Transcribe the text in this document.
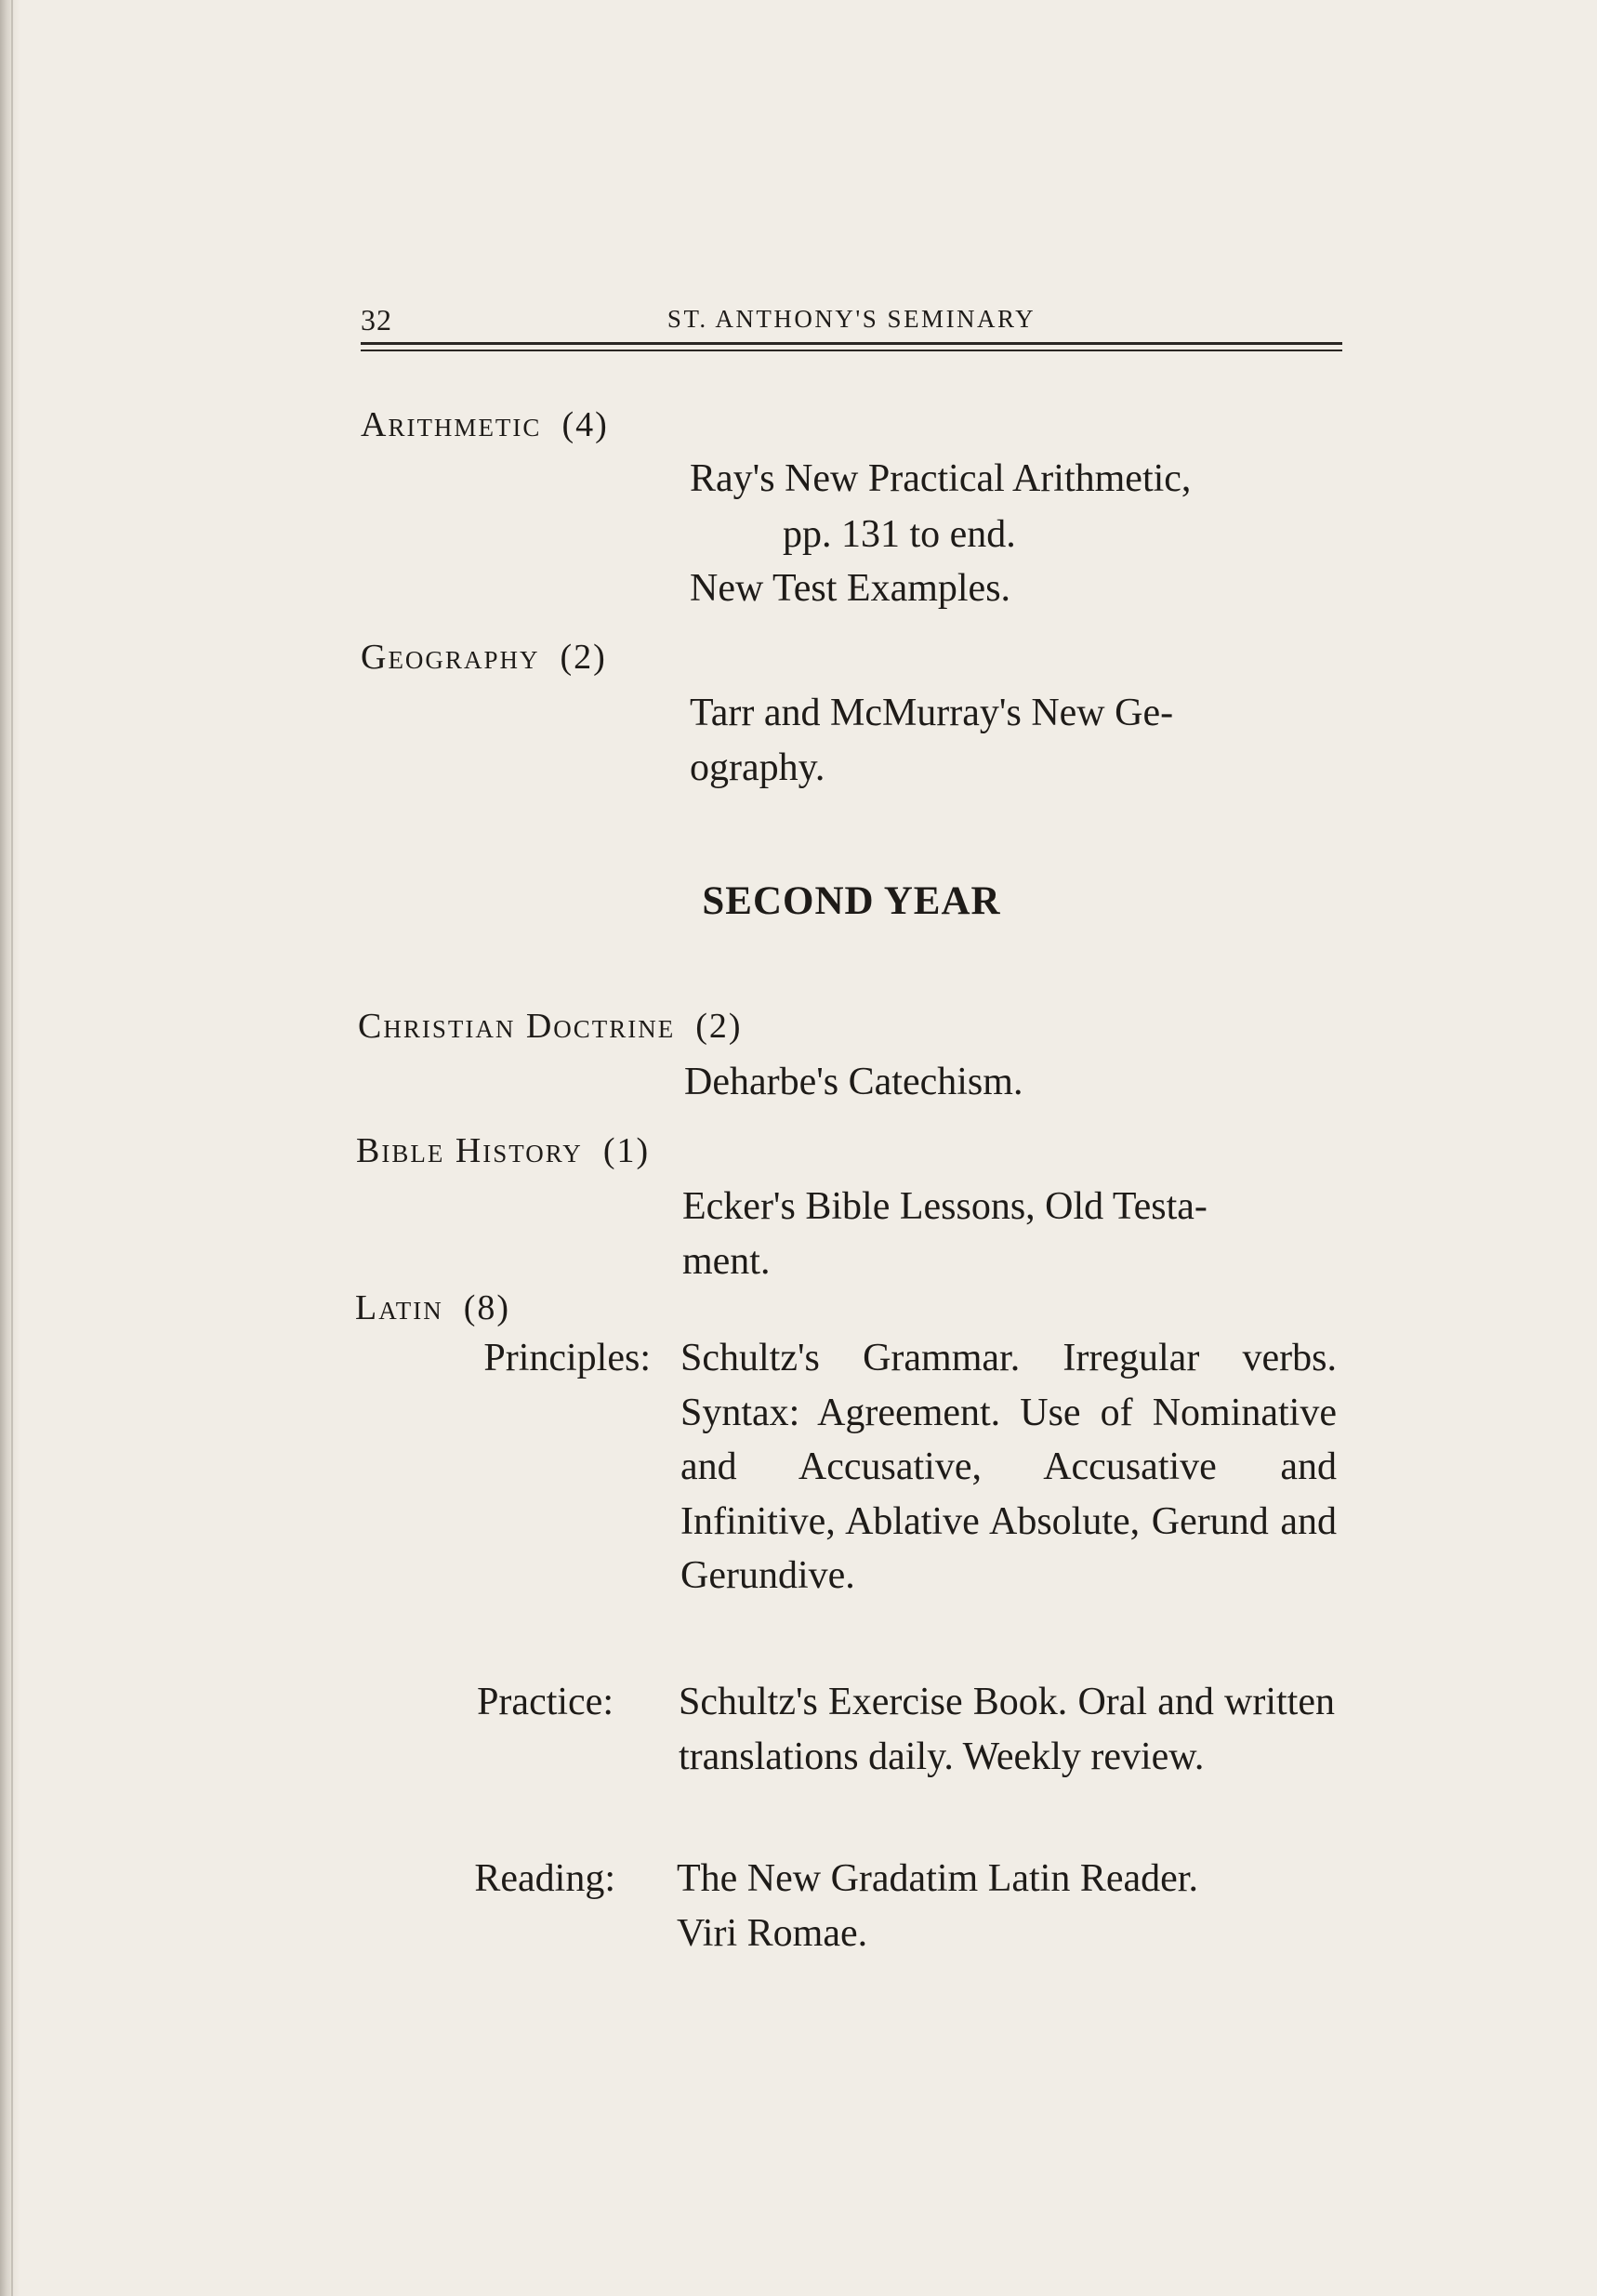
32	ST. ANTHONY'S SEMINARY
Arithmetic (4)
Ray's New Practical Arithmetic,
pp. 131 to end.
New Test Examples.
Geography (2)
Tarr and McMurray's New Ge-
ography.
SECOND YEAR
Christian Doctrine (2)
Deharbe's Catechism.
Bible History (1)
Ecker's Bible Lessons, Old Testa-
ment.
Latin (8)
Principles: Schultz's Grammar. Irregular verbs. Syntax: Agreement. Use of Nominative and Accusative, Accusative and Infinitive, Ablative Absolute, Gerund and Gerundive.
Practice: Schultz's Exercise Book. Oral and written translations daily. Weekly review.
Reading: The New Gradatim Latin Reader.
Viri Romae.
